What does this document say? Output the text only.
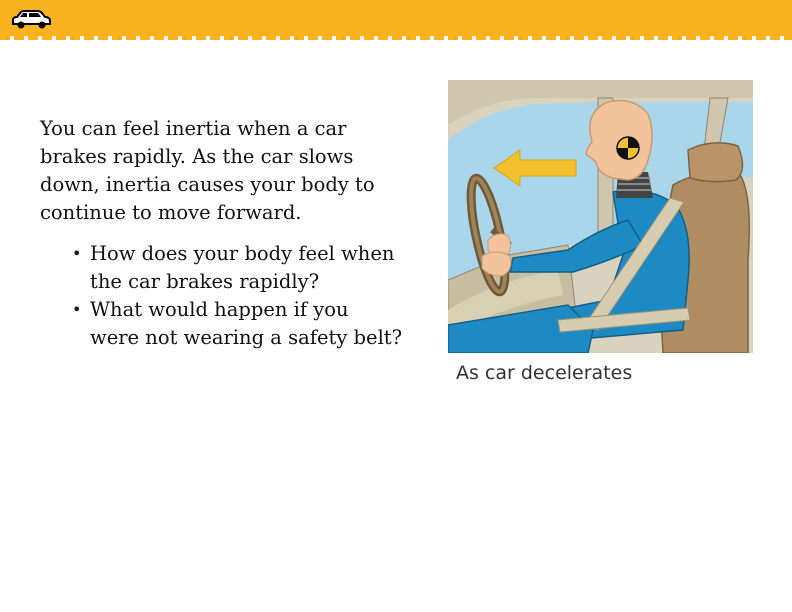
You can feel inertia when a car brakes rapidly. As the car slows down, inertia causes your body to continue to move forward.

• How does your body feel when the car brakes rapidly?
• What would happen if you were not wearing a safety belt?
As car decelerates
